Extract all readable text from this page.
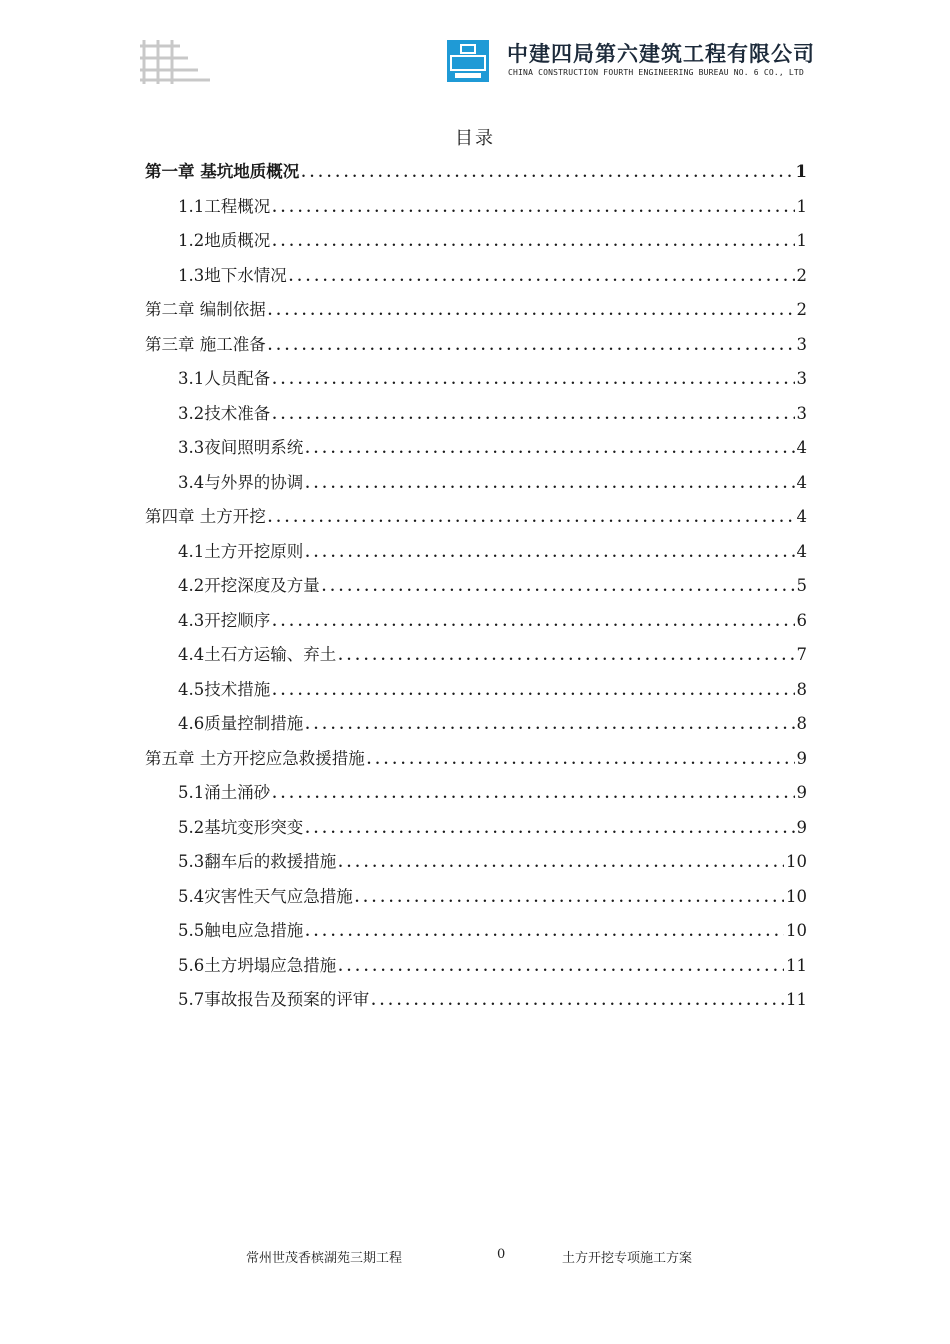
中建四局第六建筑工程有限公司
CHINA CONSTRUCTION FOURTH ENGINEERING BUREAU NO. 6 CO., LTD
目录
第一章 基坑地质概况 .....	1
1.1工程概况 .....	1
1.2地质概况 .....	1
1.3地下水情况 .....	2
第二章 编制依据 .....	2
第三章 施工准备 .....	3
3.1人员配备 .....	3
3.2技术准备 .....	3
3.3夜间照明系统 .....	4
3.4与外界的协调 .....	4
第四章 土方开挖 .....	4
4.1土方开挖原则 .....	4
4.2开挖深度及方量 .....	5
4.3开挖顺序 .....	6
4.4土石方运输、弃土 .....	7
4.5技术措施 .....	8
4.6质量控制措施 .....	8
第五章 土方开挖应急救援措施 .....	9
5.1涌土涌砂 .....	9
5.2基坑变形突变 .....	9
5.3翻车后的救援措施 .....	10
5.4灾害性天气应急措施 .....	10
5.5触电应急措施 .....	10
5.6土方坍塌应急措施 .....	11
5.7事故报告及预案的评审 .....	11
常州世茂香槟湖苑三期工程	0	土方开挖专项施工方案
